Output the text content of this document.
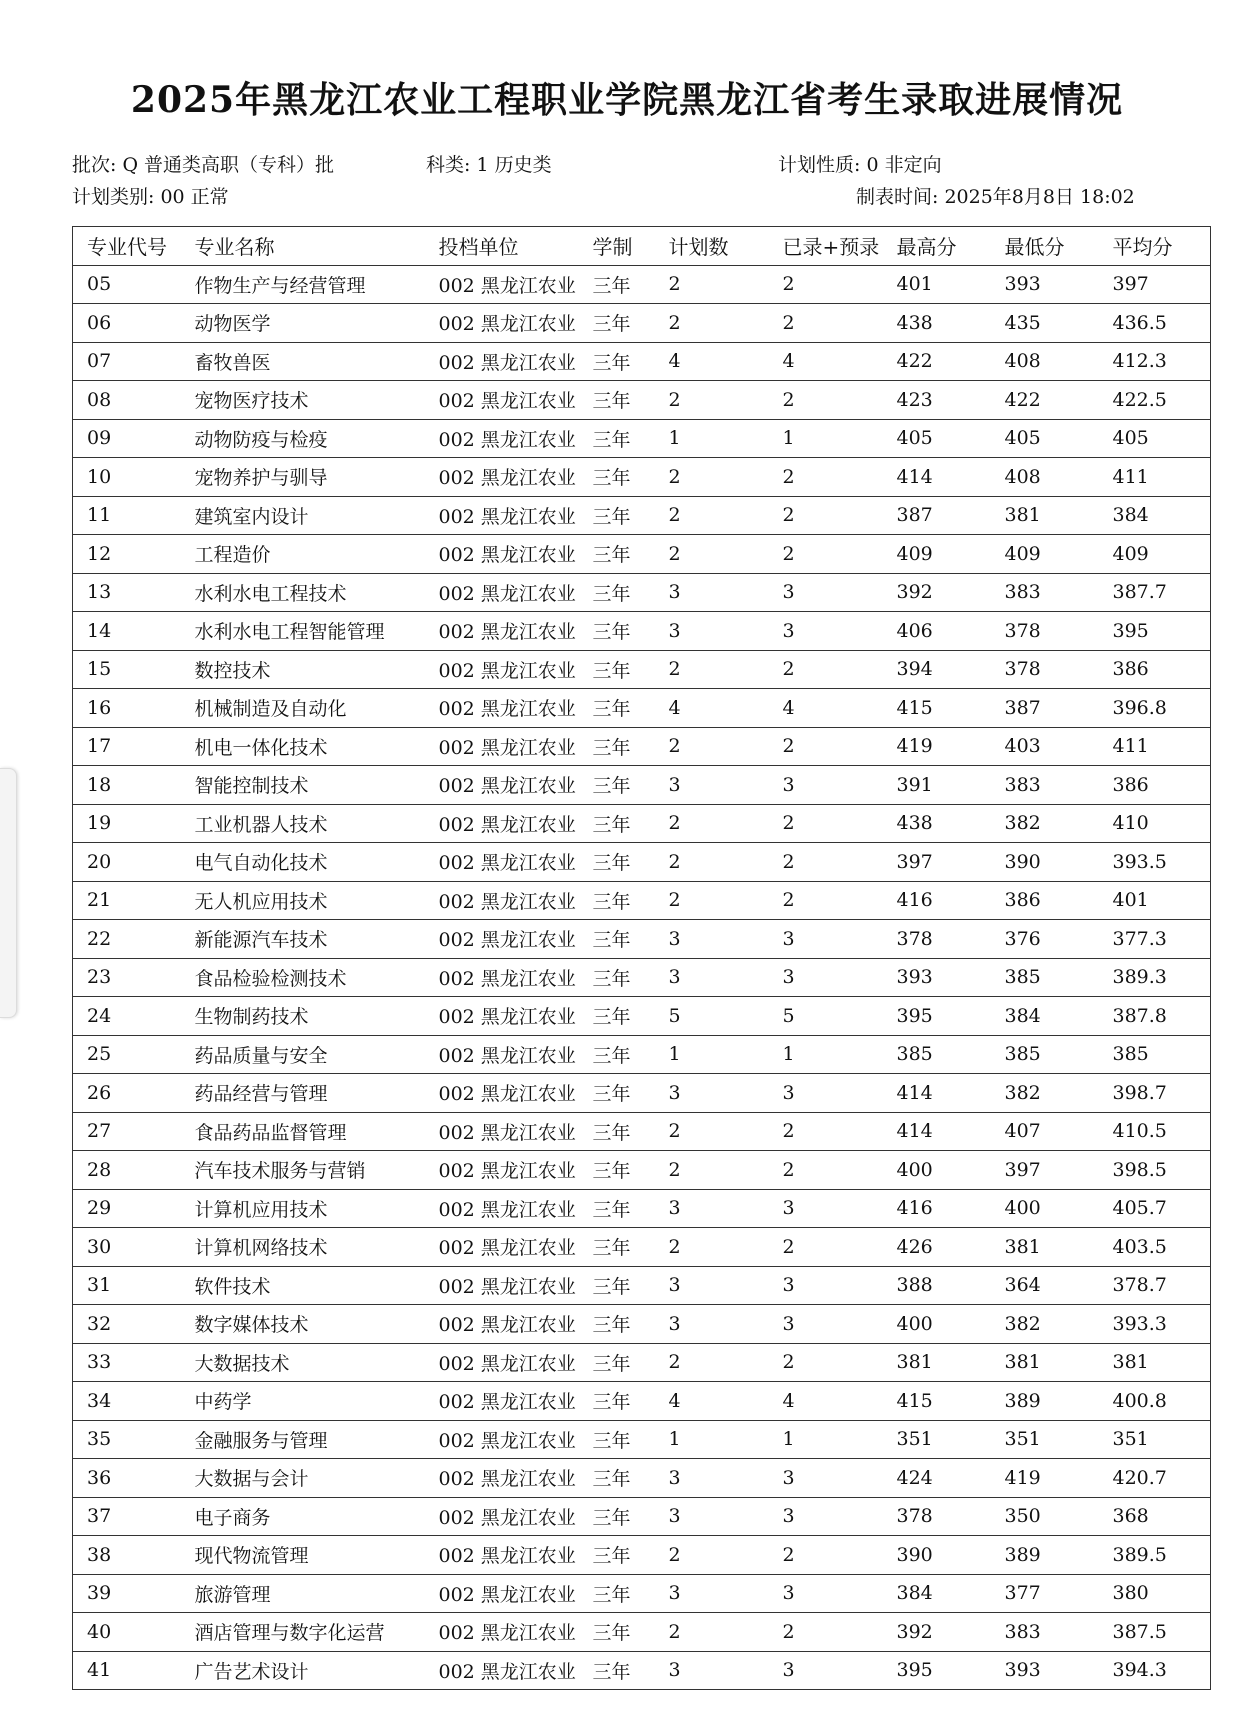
2025年黑龙江农业工程职业学院黑龙江省考生录取进展情况
批次: Q 普通类高职（专科）批	科类: 1 历史类	计划性质: 0 非定向
计划类别: 00 正常	制表时间: 2025年8月8日 18:02
专业代号	专业名称	投档单位	学制	计划数	已录+预录	最高分	最低分	平均分
05	作物生产与经营管理	002 黑龙江农业	三年	2	2	401	393	397
06	动物医学	002 黑龙江农业	三年	2	2	438	435	436.5
07	畜牧兽医	002 黑龙江农业	三年	4	4	422	408	412.3
08	宠物医疗技术	002 黑龙江农业	三年	2	2	423	422	422.5
09	动物防疫与检疫	002 黑龙江农业	三年	1	1	405	405	405
10	宠物养护与驯导	002 黑龙江农业	三年	2	2	414	408	411
11	建筑室内设计	002 黑龙江农业	三年	2	2	387	381	384
12	工程造价	002 黑龙江农业	三年	2	2	409	409	409
13	水利水电工程技术	002 黑龙江农业	三年	3	3	392	383	387.7
14	水利水电工程智能管理	002 黑龙江农业	三年	3	3	406	378	395
15	数控技术	002 黑龙江农业	三年	2	2	394	378	386
16	机械制造及自动化	002 黑龙江农业	三年	4	4	415	387	396.8
17	机电一体化技术	002 黑龙江农业	三年	2	2	419	403	411
18	智能控制技术	002 黑龙江农业	三年	3	3	391	383	386
19	工业机器人技术	002 黑龙江农业	三年	2	2	438	382	410
20	电气自动化技术	002 黑龙江农业	三年	2	2	397	390	393.5
21	无人机应用技术	002 黑龙江农业	三年	2	2	416	386	401
22	新能源汽车技术	002 黑龙江农业	三年	3	3	378	376	377.3
23	食品检验检测技术	002 黑龙江农业	三年	3	3	393	385	389.3
24	生物制药技术	002 黑龙江农业	三年	5	5	395	384	387.8
25	药品质量与安全	002 黑龙江农业	三年	1	1	385	385	385
26	药品经营与管理	002 黑龙江农业	三年	3	3	414	382	398.7
27	食品药品监督管理	002 黑龙江农业	三年	2	2	414	407	410.5
28	汽车技术服务与营销	002 黑龙江农业	三年	2	2	400	397	398.5
29	计算机应用技术	002 黑龙江农业	三年	3	3	416	400	405.7
30	计算机网络技术	002 黑龙江农业	三年	2	2	426	381	403.5
31	软件技术	002 黑龙江农业	三年	3	3	388	364	378.7
32	数字媒体技术	002 黑龙江农业	三年	3	3	400	382	393.3
33	大数据技术	002 黑龙江农业	三年	2	2	381	381	381
34	中药学	002 黑龙江农业	三年	4	4	415	389	400.8
35	金融服务与管理	002 黑龙江农业	三年	1	1	351	351	351
36	大数据与会计	002 黑龙江农业	三年	3	3	424	419	420.7
37	电子商务	002 黑龙江农业	三年	3	3	378	350	368
38	现代物流管理	002 黑龙江农业	三年	2	2	390	389	389.5
39	旅游管理	002 黑龙江农业	三年	3	3	384	377	380
40	酒店管理与数字化运营	002 黑龙江农业	三年	2	2	392	383	387.5
41	广告艺术设计	002 黑龙江农业	三年	3	3	395	393	394.3
